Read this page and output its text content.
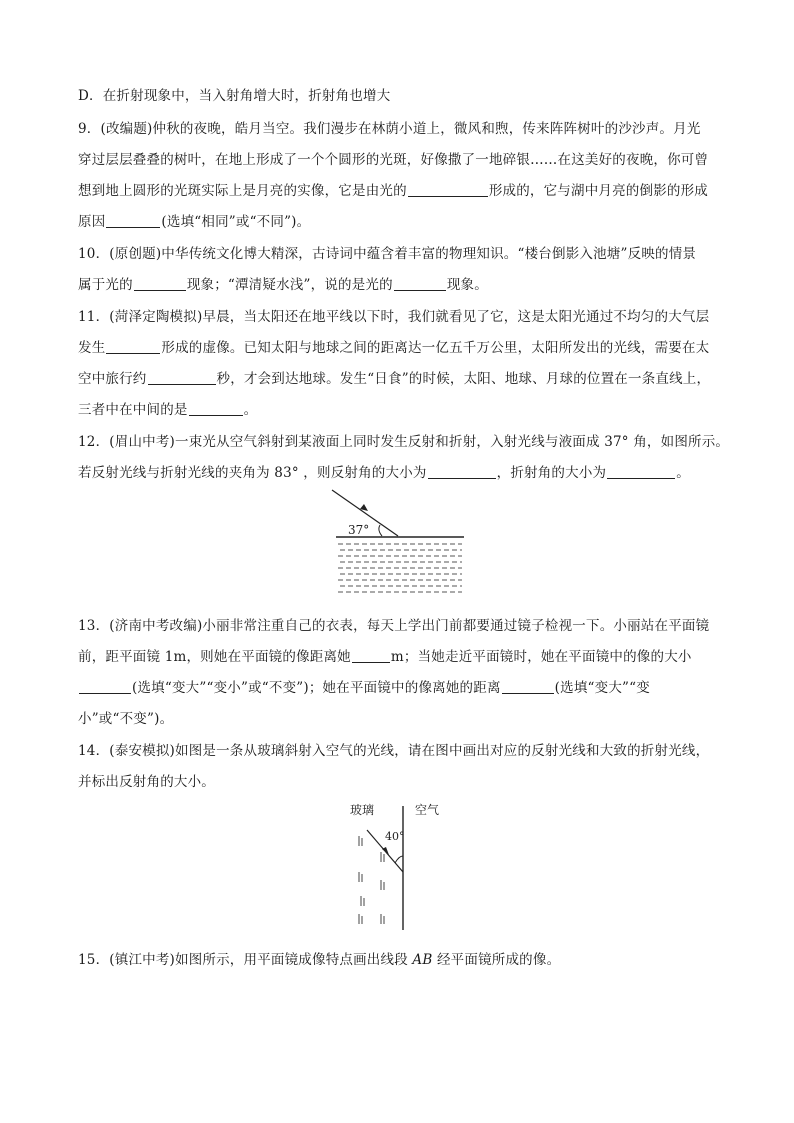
D．在折射现象中，当入射角增大时，折射角也增大
9．(改编题)仲秋的夜晚，皓月当空。我们漫步在林荫小道上，微风和煦，传来阵阵树叶的沙沙声。月光
穿过层层叠叠的树叶，在地上形成了一个个圆形的光斑，好像撒了一地碎银……在这美好的夜晚，你可曾
想到地上圆形的光斑实际上是月亮的实像，它是由光的	形成的，它与湖中月亮的倒影的形成
原因	(选填“相同”或“不同”)。
10．(原创题)中华传统文化博大精深，古诗词中蕴含着丰富的物理知识。“楼台倒影入池塘”反映的情景
属于光的	现象；“潭清疑水浅”，说的是光的	现象。
11．(菏泽定陶模拟)早晨，当太阳还在地平线以下时，我们就看见了它，这是太阳光通过不均匀的大气层
发生	形成的虚像。已知太阳与地球之间的距离达一亿五千万公里，太阳所发出的光线，需要在太
空中旅行约	秒，才会到达地球。发生“日食”的时候，太阳、地球、月球的位置在一条直线上，
三者中在中间的是	。
12．(眉山中考)一束光从空气斜射到某液面上同时发生反射和折射，入射光线与液面成 37° 角，如图所示。
若反射光线与折射光线的夹角为 83° ，则反射角的大小为	，折射角的大小为	。
37°
13．(济南中考改编)小丽非常注重自己的衣表，每天上学出门前都要通过镜子检视一下。小丽站在平面镜
前，距平面镜 1m，则她在平面镜的像距离她	m；当她走近平面镜时，她在平面镜中的像的大小
(选填“变大”“变小”或“不变”)；她在平面镜中的像离她的距离	(选填“变大”“变
小”或“不变”)。
14．(泰安模拟)如图是一条从玻璃斜射入空气的光线，请在图中画出对应的反射光线和大致的折射光线，
并标出反射角的大小。
玻璃	空气
40°
15．(镇江中考)如图所示，用平面镜成像特点画出线段 AB 经平面镜所成的像。
